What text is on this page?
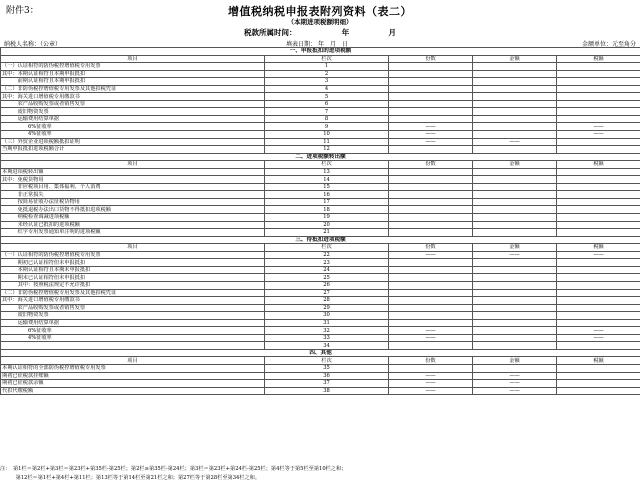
附件3：	增值税纳税申报表附列资料（表二）
（本期进项税额明细）
税款所属时间：	年	月
纳税人名称：（公章）	填表日期： 年　月　日	金额单位：元至角分
一、申报抵扣的进项税额				
项目	栏次	份数	金额	税额
（一）认证相符的防伪税控增值税专用发票	1			
其中：本期认证相符且本期申报抵扣	2			
　　　前期认证相符且本期申报抵扣	3			
（二）非防伪税控增值税专用发票及其他扣税凭证	4			
其中：海关进口增值税专用缴款书	5			
　　　农产品收购发票或者销售发票	6			
　　　废旧物资发票	7			
　　　运输费用结算单据	8			
　　　　　6%征收率	9	——		——
　　　　　4%征收率	10	——		——
（三）外贸企业进项税额抵扣证明	11	——	——	
当期申报抵扣进项税额合计	12			
二、进项税额转出额				
项目	栏次	份数	金额	税额
本期进项税转出额	13			
其中：免税货物用	14			
　　　非应税项目用、集体福利、个人消费	15			
　　　非正常损失	16			
　　　按简易征收办法征税货物用	17			
　　　免抵退税办法出口货物不得抵扣进项税额	18			
　　　纳税检查调减进项税额	19			
　　　未经认证已抵扣的进项税额	20			
　　　红字专用发票通知单注明的进项税额	21			
三、待抵扣进项税额				
项目	栏次	份数	金额	税额
（一）认证相符的防伪税控增值税专用发票	22	——	——	——
　　　期初已认证相符但未申报抵扣	23			
　　　本期认证相符且本期未申报抵扣	24			
　　　期末已认证相符但未申报抵扣	25			
　　　其中：按照税法规定不允许抵扣	26			
（二）非防伪税控增值税专用发票及其他扣税凭证	27			
其中：海关进口增值税专用缴款书	28			
　　　农产品收购发票或者销售发票	29			
　　　废旧物资发票	30			
　　　运输费用结算单据	31			
　　　　　6%征收率	32	——		——
　　　　　4%征收率	33	——		——
	34			
四、其他				
项目	栏次	份数	金额	税额
本期认证相符的全部防伪税控增值税专用发票	35			
期初已征税款挂账额	36	——	——	
期初已征税款余额	37	——	——	
代扣代缴税额	38	——	——	
注：　第1栏＝第2栏+第3栏＝第23栏+第35栏-第25栏；第2栏≥第35栏-第24栏；第3栏＝第23栏+第24栏-第25栏；第4栏等于第5栏至第10栏之和；
　　　第12栏＝第1栏+第4栏+第11栏；第13栏等于第14栏至第21栏之和；第27栏等于第28栏至第34栏之和。
